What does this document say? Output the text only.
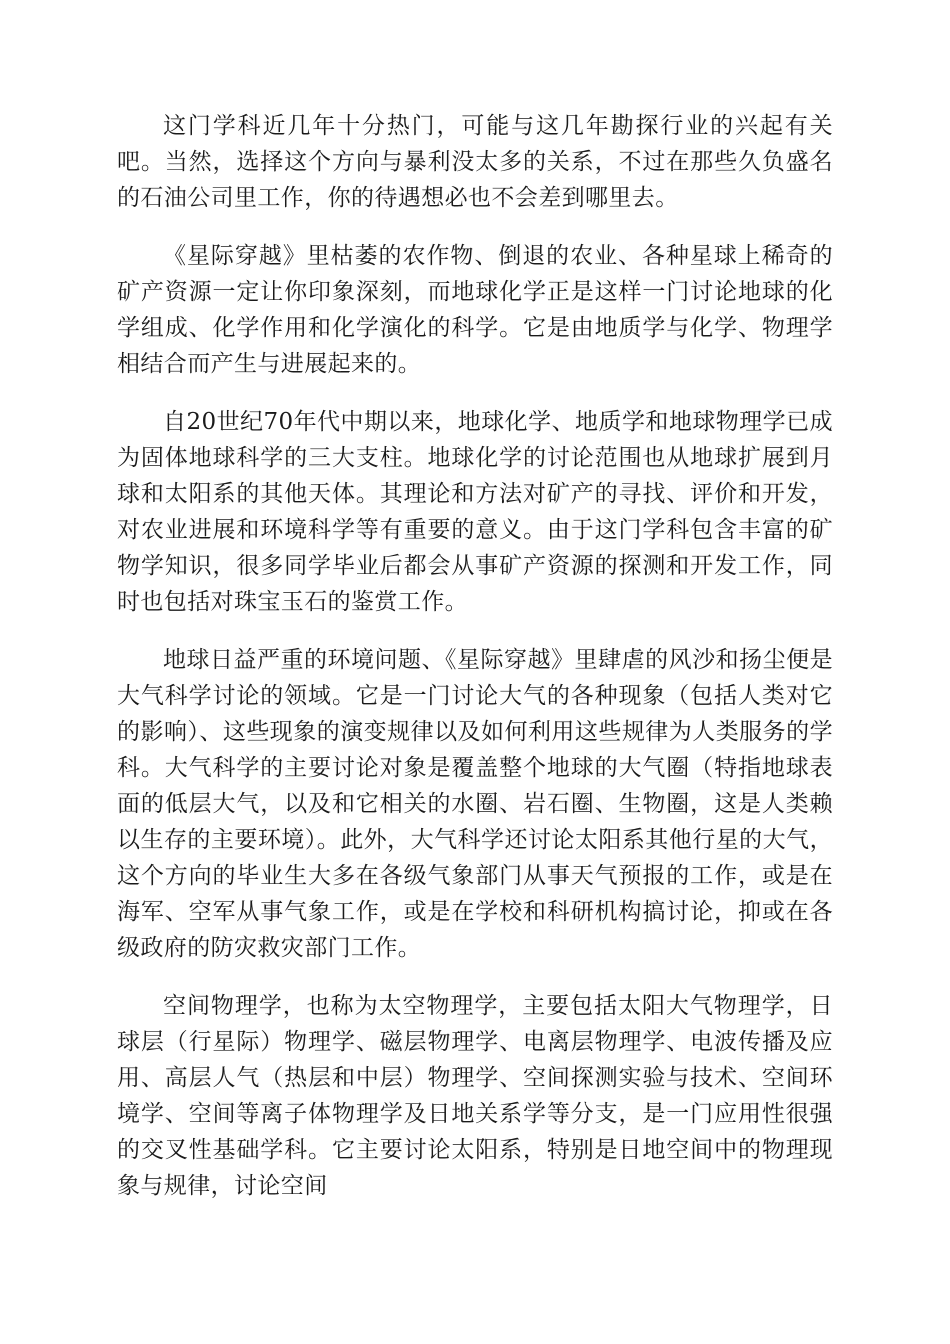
这门学科近几年十分热门，可能与这几年勘探行业的兴起有关吧。当然，选择这个方向与暴利没太多的关系，不过在那些久负盛名的石油公司里工作，你的待遇想必也不会差到哪里去。

《星际穿越》里枯萎的农作物、倒退的农业、各种星球上稀奇的矿产资源一定让你印象深刻，而地球化学正是这样一门讨论地球的化学组成、化学作用和化学演化的科学。它是由地质学与化学、物理学相结合而产生与进展起来的。

自20世纪70年代中期以来，地球化学、地质学和地球物理学已成为固体地球科学的三大支柱。地球化学的讨论范围也从地球扩展到月球和太阳系的其他天体。其理论和方法对矿产的寻找、评价和开发，对农业进展和环境科学等有重要的意义。由于这门学科包含丰富的矿物学知识，很多同学毕业后都会从事矿产资源的探测和开发工作，同时也包括对珠宝玉石的鉴赏工作。

地球日益严重的环境问题、《星际穿越》里肆虐的风沙和扬尘便是大气科学讨论的领域。它是一门讨论大气的各种现象（包括人类对它的影响）、这些现象的演变规律以及如何利用这些规律为人类服务的学科。大气科学的主要讨论对象是覆盖整个地球的大气圈（特指地球表面的低层大气，以及和它相关的水圈、岩石圈、生物圈，这是人类赖以生存的主要环境）。此外，大气科学还讨论太阳系其他行星的大气，这个方向的毕业生大多在各级气象部门从事天气预报的工作，或是在海军、空军从事气象工作，或是在学校和科研机构搞讨论，抑或在各级政府的防灾救灾部门工作。

空间物理学，也称为太空物理学，主要包括太阳大气物理学，日球层（行星际）物理学、磁层物理学、电离层物理学、电波传播及应用、高层人气（热层和中层）物理学、空间探测实验与技术、空间环境学、空间等离子体物理学及日地关系学等分支，是一门应用性很强的交叉性基础学科。它主要讨论太阳系，特别是日地空间中的物理现象与规律，讨论空间
